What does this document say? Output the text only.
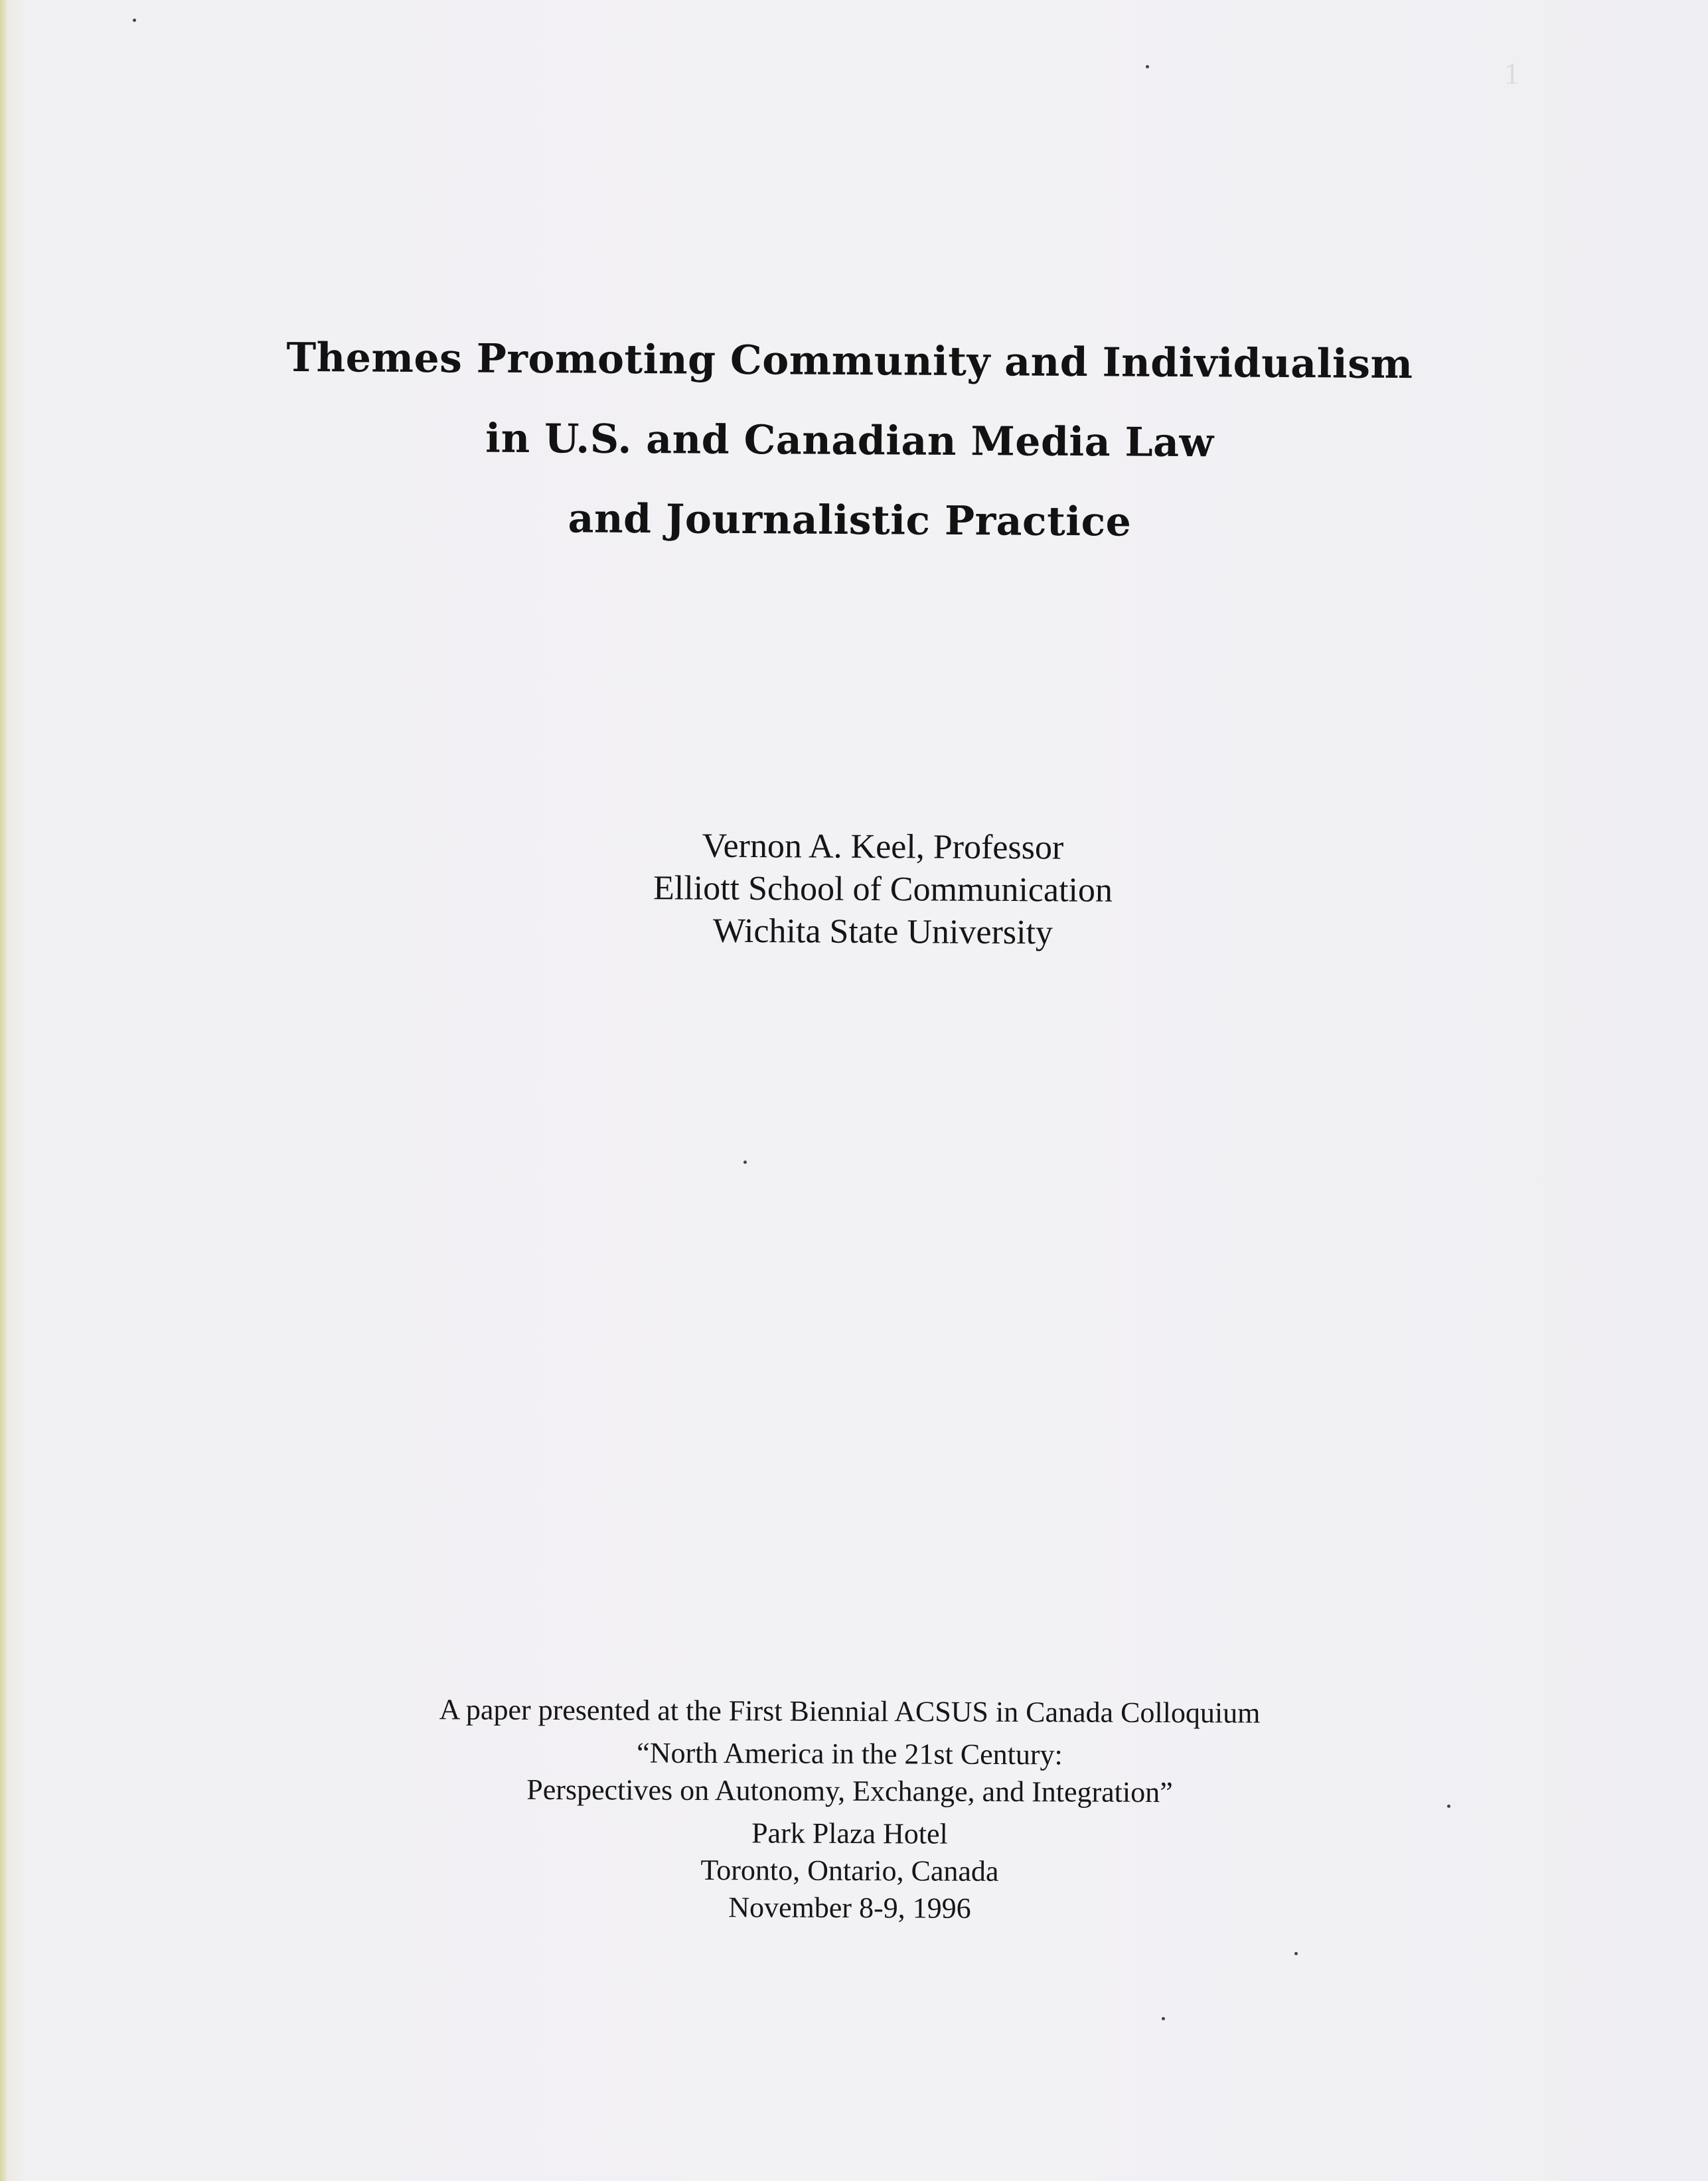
1
Themes Promoting Community and Individualism
in U.S. and Canadian Media Law
and Journalistic Practice
Vernon A. Keel, Professor
Elliott School of Communication
Wichita State University
A paper presented at the First Biennial ACSUS in Canada Colloquium
“North America in the 21st Century:
Perspectives on Autonomy, Exchange, and Integration”
Park Plaza Hotel
Toronto, Ontario, Canada
November 8-9, 1996
